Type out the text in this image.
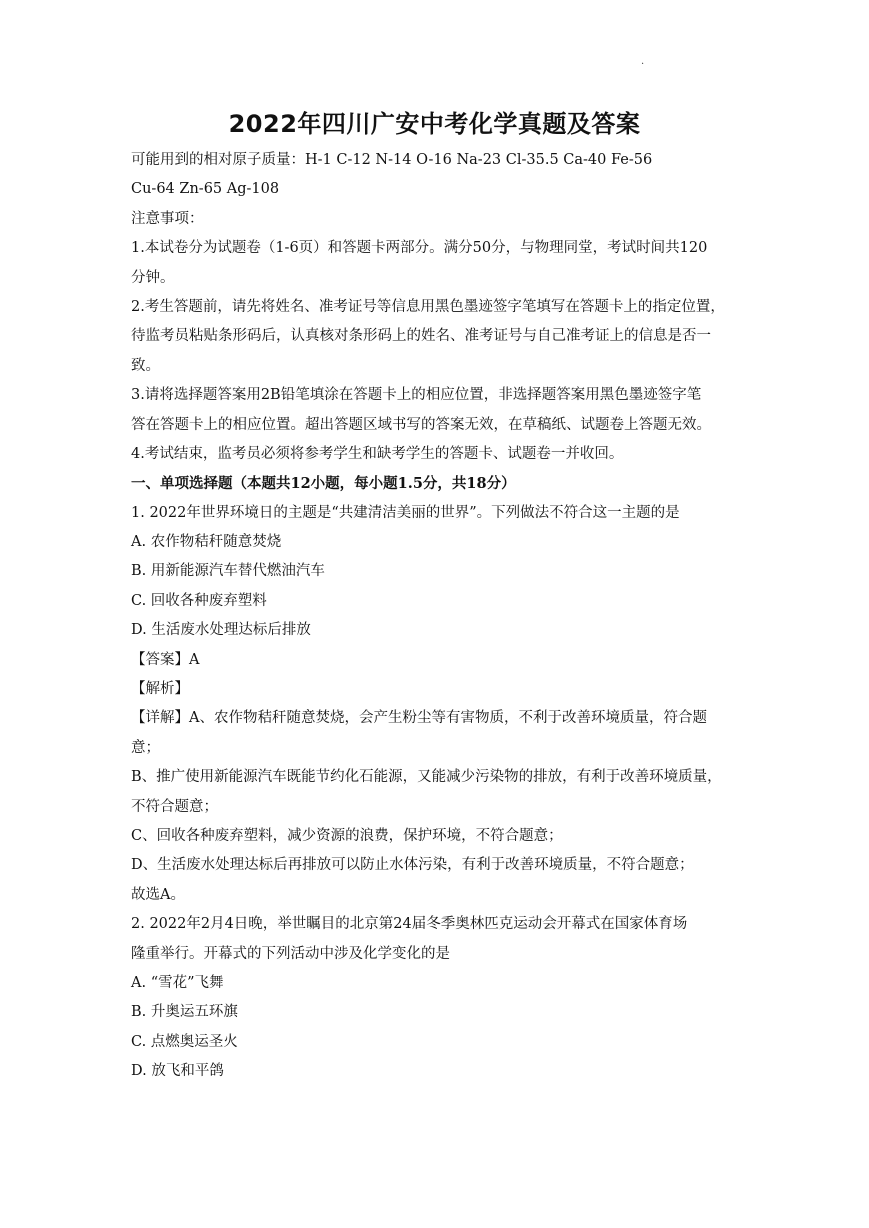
.
2022年四川广安中考化学真题及答案
可能用到的相对原子质量：H-1 C-12 N-14 O-16 Na-23 Cl-35.5 Ca-40 Fe-56
Cu-64 Zn-65 Ag-108
注意事项：
1.本试卷分为试题卷（1-6页）和答题卡两部分。满分50分，与物理同堂，考试时间共120
分钟。
2.考生答题前，请先将姓名、准考证号等信息用黑色墨迹签字笔填写在答题卡上的指定位置，
待监考员粘贴条形码后，认真核对条形码上的姓名、准考证号与自己准考证上的信息是否一
致。
3.请将选择题答案用2B铅笔填涂在答题卡上的相应位置，非选择题答案用黑色墨迹签字笔
答在答题卡上的相应位置。超出答题区域书写的答案无效，在草稿纸、试题卷上答题无效。
4.考试结束，监考员必须将参考学生和缺考学生的答题卡、试题卷一并收回。
一、单项选择题（本题共12小题，每小题1.5分，共18分）
1. 2022年世界环境日的主题是“共建清洁美丽的世界”。下列做法不符合这一主题的是
A. 农作物秸秆随意焚烧
B. 用新能源汽车替代燃油汽车
C. 回收各种废弃塑料
D. 生活废水处理达标后排放
【答案】A
【解析】
【详解】A、农作物秸秆随意焚烧，会产生粉尘等有害物质，不利于改善环境质量，符合题
意；
B、推广使用新能源汽车既能节约化石能源，又能减少污染物的排放，有利于改善环境质量，
不符合题意；
C、回收各种废弃塑料，减少资源的浪费，保护环境，不符合题意；
D、生活废水处理达标后再排放可以防止水体污染，有利于改善环境质量，不符合题意；
故选A。
2. 2022年2月4日晚，举世瞩目的北京第24届冬季奥林匹克运动会开幕式在国家体育场
隆重举行。开幕式的下列活动中涉及化学变化的是
A. “雪花”飞舞
B. 升奥运五环旗
C. 点燃奥运圣火
D. 放飞和平鸽
